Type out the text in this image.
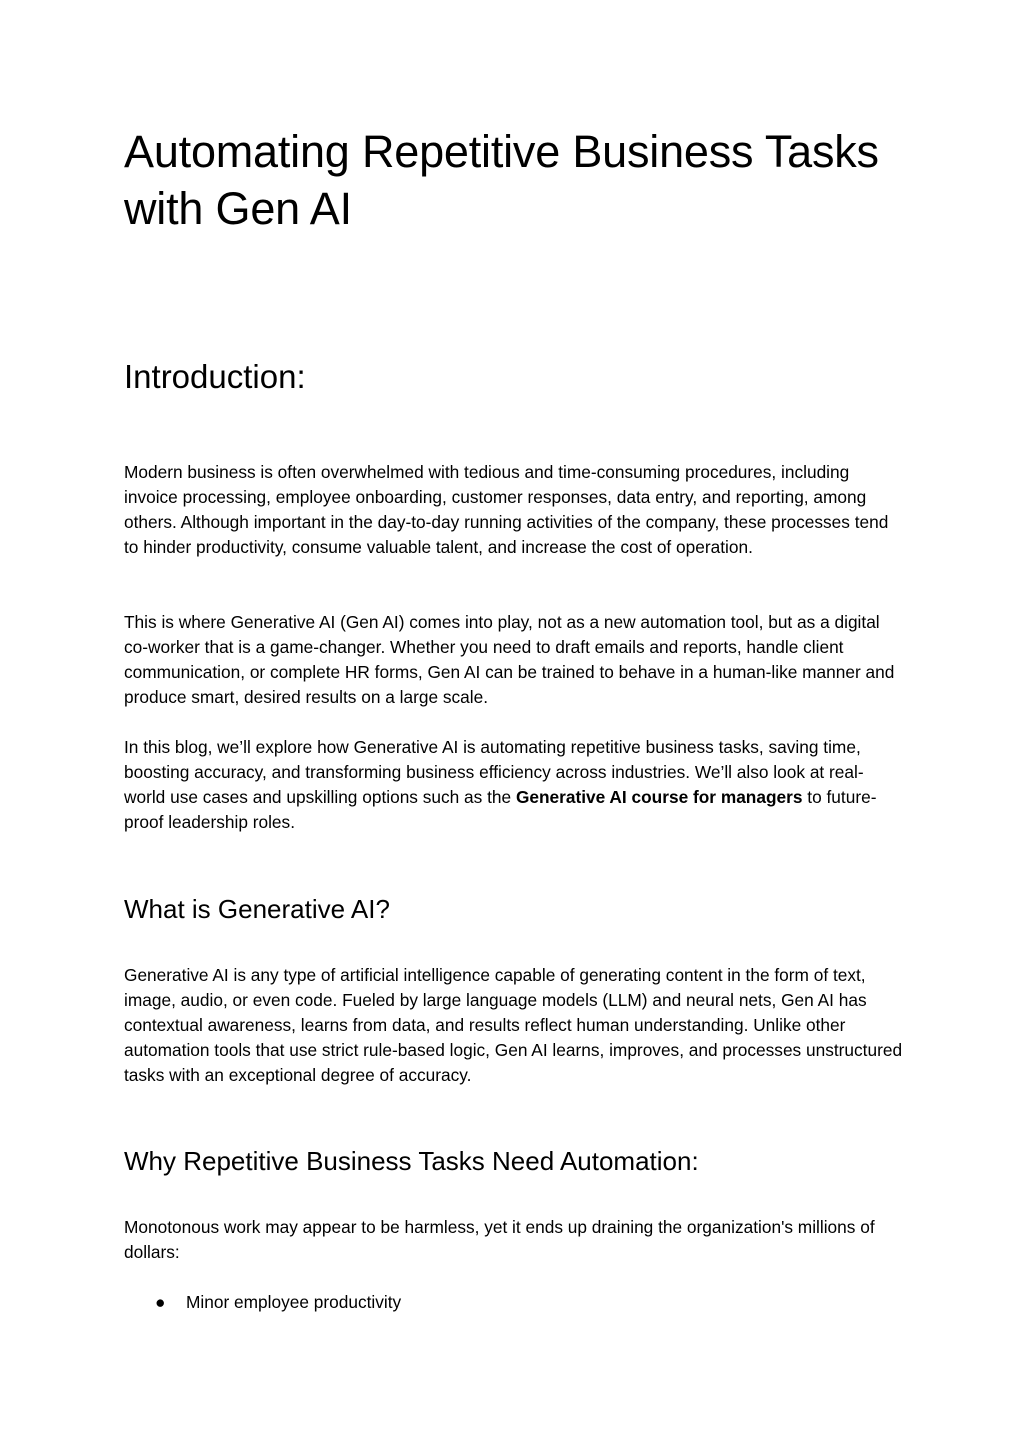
Automating Repetitive Business Tasks with Gen AI
Introduction:

Modern business is often overwhelmed with tedious and time-consuming procedures, including invoice processing, employee onboarding, customer responses, data entry, and reporting, among others. Although important in the day-to-day running activities of the company, these processes tend to hinder productivity, consume valuable talent, and increase the cost of operation.

This is where Generative AI (Gen AI) comes into play, not as a new automation tool, but as a digital co-worker that is a game-changer. Whether you need to draft emails and reports, handle client communication, or complete HR forms, Gen AI can be trained to behave in a human-like manner and produce smart, desired results on a large scale.

In this blog, we’ll explore how Generative AI is automating repetitive business tasks, saving time, boosting accuracy, and transforming business efficiency across industries. We’ll also look at real-world use cases and upskilling options such as the Generative AI course for managers to future-proof leadership roles.

What is Generative AI?

Generative AI is any type of artificial intelligence capable of generating content in the form of text, image, audio, or even code. Fueled by large language models (LLM) and neural nets, Gen AI has contextual awareness, learns from data, and results reflect human understanding. Unlike other automation tools that use strict rule-based logic, Gen AI learns, improves, and processes unstructured tasks with an exceptional degree of accuracy.

Why Repetitive Business Tasks Need Automation:

Monotonous work may appear to be harmless, yet it ends up draining the organization's millions of dollars:

● Minor employee productivity
